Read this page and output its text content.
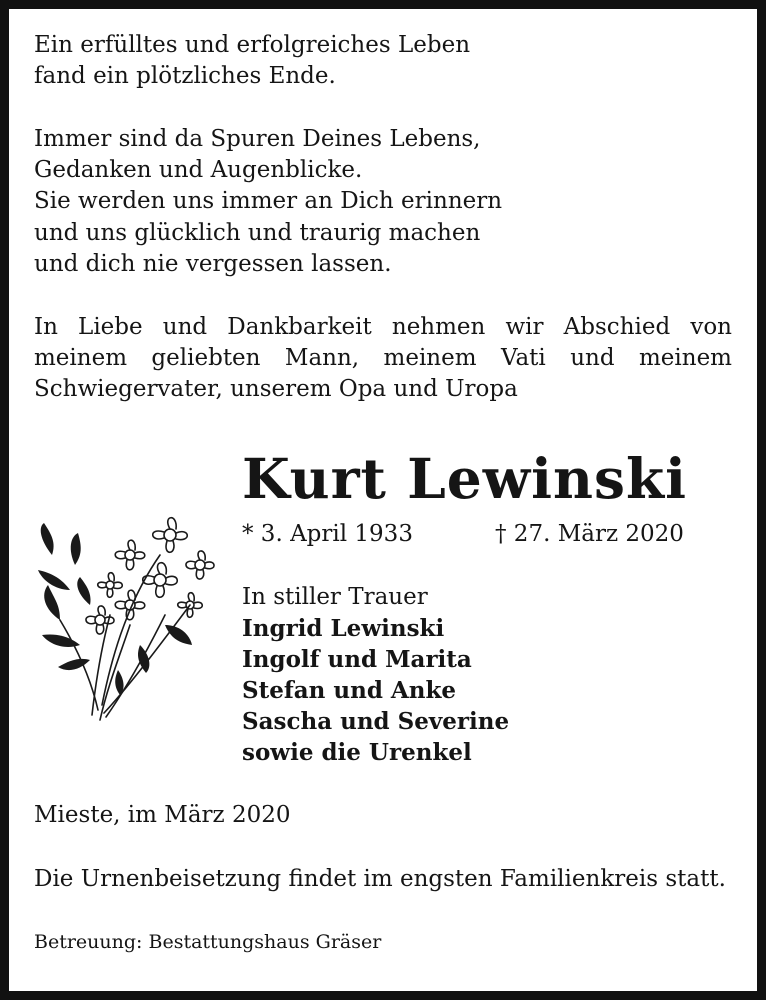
Ein erfülltes und erfolgreiches Leben

fand ein plötzliches Ende.

Immer sind da Spuren Deines Lebens,

Gedanken und Augenblicke.

Sie werden uns immer an Dich erinnern

und uns glücklich und traurig machen

und dich nie vergessen lassen.

In Liebe und Dankbarkeit nehmen wir Abschied von
meinem geliebten Mann, meinem Vati und meinem
Schwiegervater, unserem Opa und Uropa
Kurt Lewinski
* 3. April 1933	† 27. März 2020
In stiller Trauer
Ingrid Lewinski
Ingolf und Marita
Stefan und Anke
Sascha und Severine
sowie die Urenkel

Mieste, im März 2020

Die Urnenbeisetzung findet im engsten Familienkreis statt.

Betreuung: Bestattungshaus Gräser
